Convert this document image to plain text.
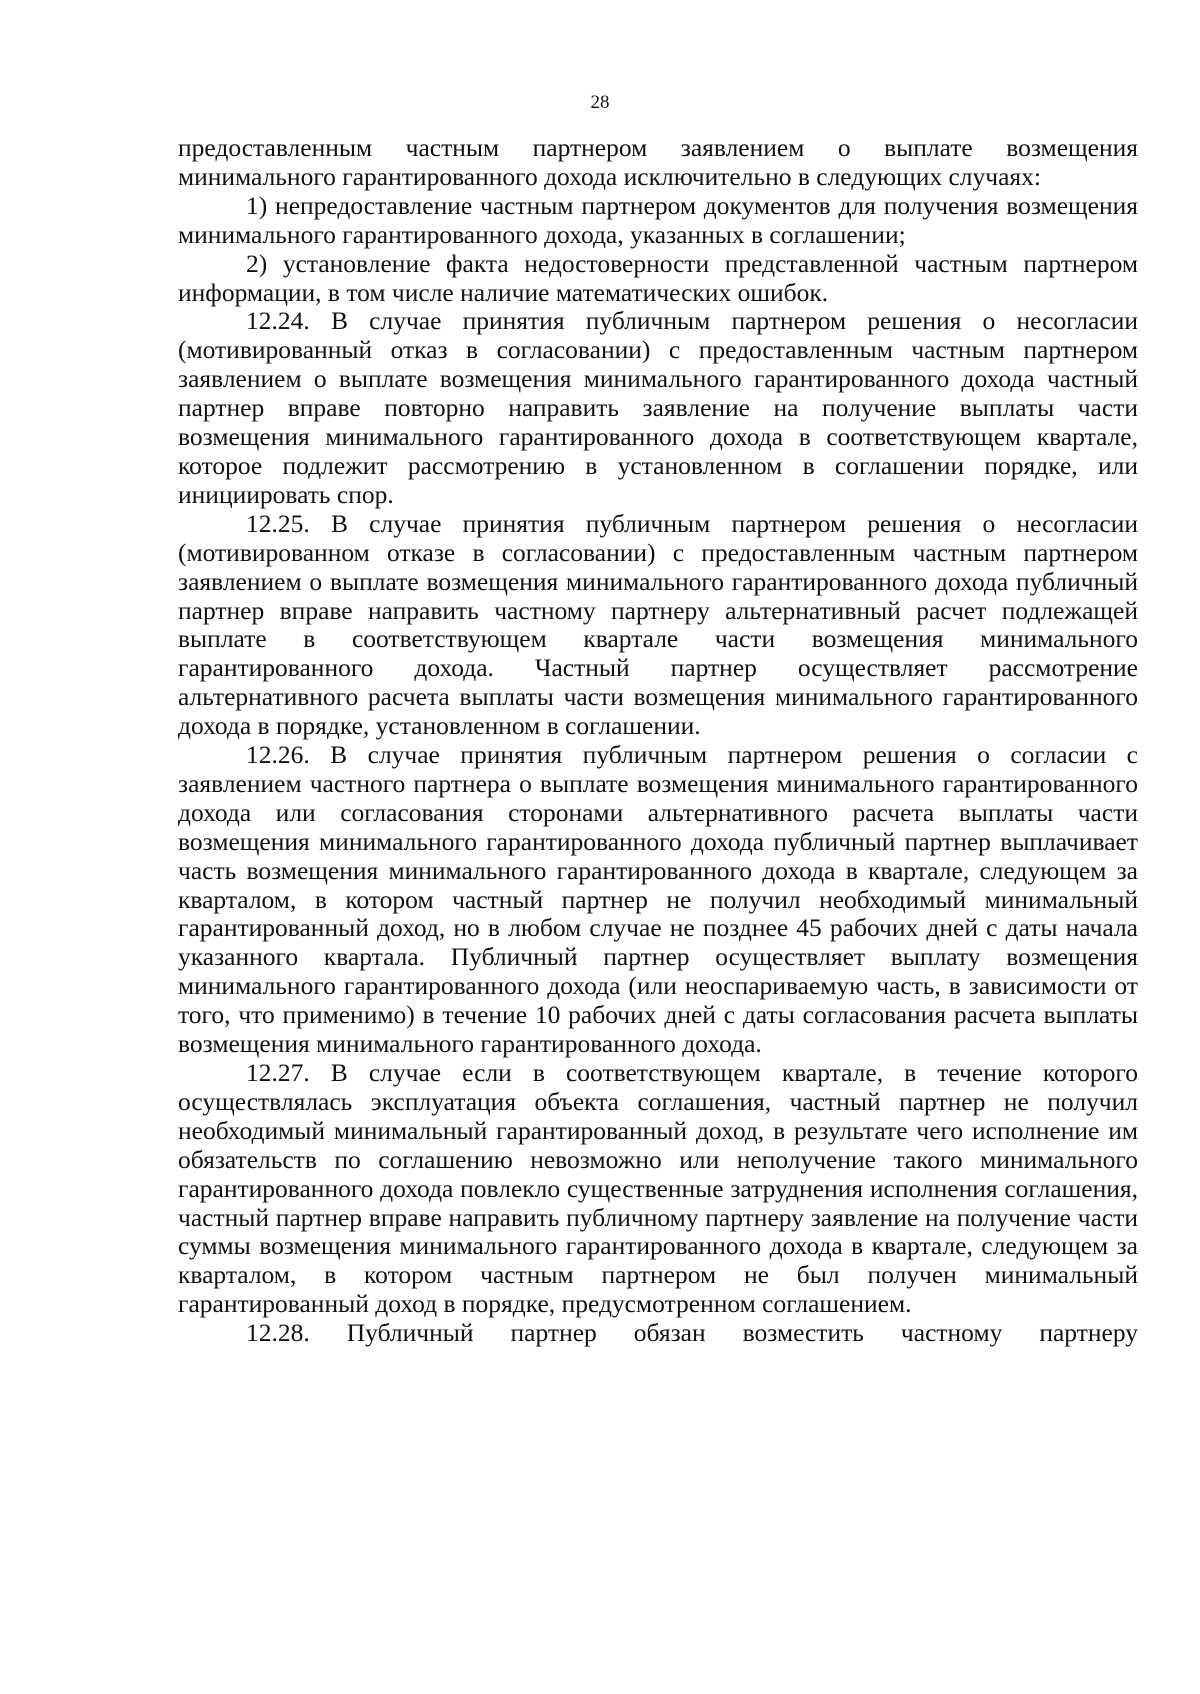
28

предоставленным частным партнером заявлением о выплате возмещения минимального гарантированного дохода исключительно в следующих случаях:

1) непредоставление частным партнером документов для получения возмещения минимального гарантированного дохода, указанных в соглашении;

2) установление факта недостоверности представленной частным партнером информации, в том числе наличие математических ошибок.

12.24. В случае принятия публичным партнером решения о несогласии (мотивированный отказ в согласовании) с предоставленным частным партнером заявлением о выплате возмещения минимального гарантированного дохода частный партнер вправе повторно направить заявление на получение выплаты части возмещения минимального гарантированного дохода в соответствующем квартале, которое подлежит рассмотрению в установленном в соглашении порядке, или инициировать спор.

12.25. В случае принятия публичным партнером решения о несогласии (мотивированном отказе в согласовании) с предоставленным частным партнером заявлением о выплате возмещения минимального гарантированного дохода публичный партнер вправе направить частному партнеру альтернативный расчет подлежащей выплате в соответствующем квартале части возмещения минимального гарантированного дохода. Частный партнер осуществляет рассмотрение альтернативного расчета выплаты части возмещения минимального гарантированного дохода в порядке, установленном в соглашении.

12.26. В случае принятия публичным партнером решения о согласии с заявлением частного партнера о выплате возмещения минимального гарантированного дохода или согласования сторонами альтернативного расчета выплаты части возмещения минимального гарантированного дохода публичный партнер выплачивает часть возмещения минимального гарантированного дохода в квартале, следующем за кварталом, в котором частный партнер не получил необходимый минимальный гарантированный доход, но в любом случае не позднее 45 рабочих дней с даты начала указанного квартала. Публичный партнер осуществляет выплату возмещения минимального гарантированного дохода (или неоспариваемую часть, в зависимости от того, что применимо) в течение 10 рабочих дней с даты согласования расчета выплаты возмещения минимального гарантированного дохода.

12.27. В случае если в соответствующем квартале, в течение которого осуществлялась эксплуатация объекта соглашения, частный партнер не получил необходимый минимальный гарантированный доход, в результате чего исполнение им обязательств по соглашению невозможно или неполучение такого минимального гарантированного дохода повлекло существенные затруднения исполнения соглашения, частный партнер вправе направить публичному партнеру заявление на получение части суммы возмещения минимального гарантированного дохода в квартале, следующем за кварталом, в котором частным партнером не был получен минимальный гарантированный доход в порядке, предусмотренном соглашением.

12.28. Публичный партнер обязан возместить частному партнеру
